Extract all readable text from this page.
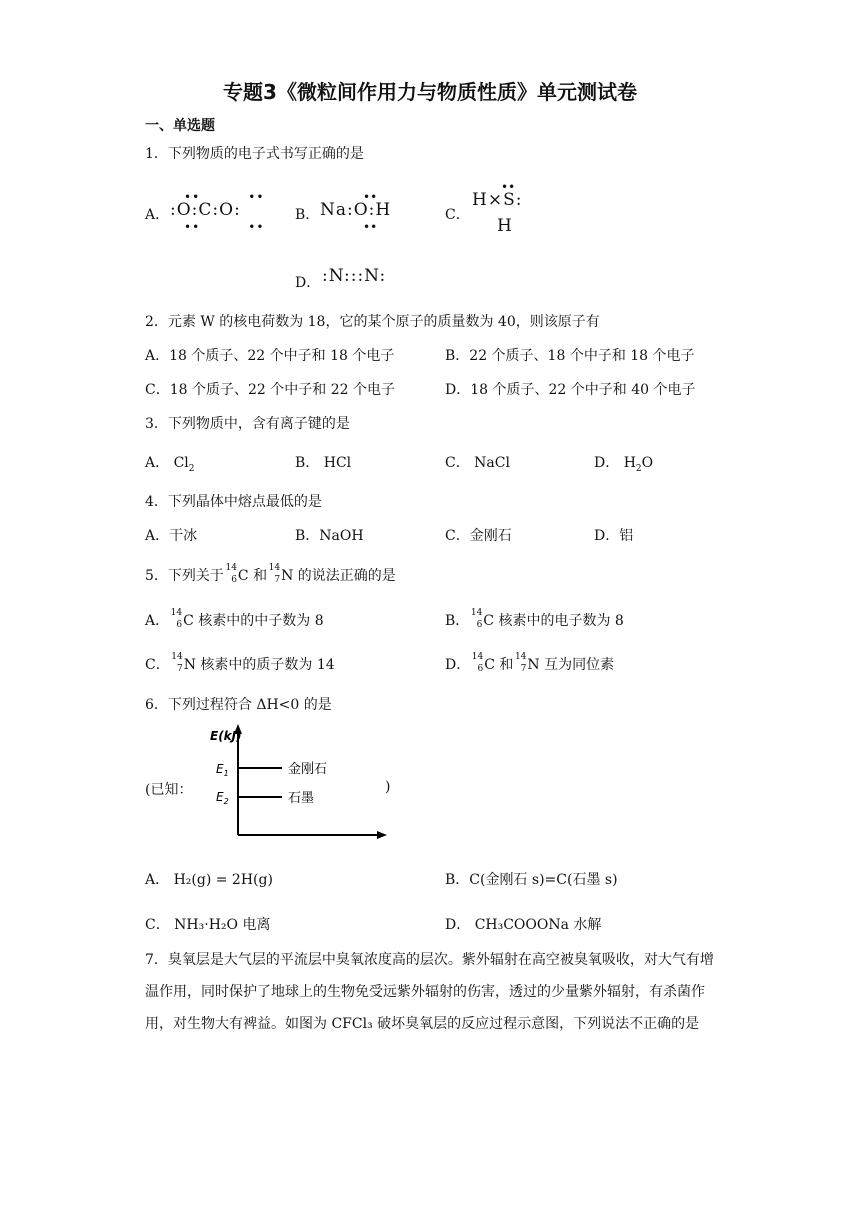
专题3《微粒间作用力与物质性质》单元测试卷
一、单选题
1．下列物质的电子式书写正确的是
A． :O:C:O:
••          ••
••          ••
B． Na:O:H
••
••
C．
H×S:
H
••
D． :N:::N:
2．元素 W 的核电荷数为 18，它的某个原子的质量数为 40，则该原子有
A．18 个质子、22 个中子和 18 个电子	B．22 个质子、18 个中子和 18 个电子
C．18 个质子、22 个中子和 22 个电子	D．18 个质子、22 个中子和 40 个电子
3．下列物质中，含有离子键的是
A． $Cl_2$	B． HCl	C． NaCl	D． $H_2O$
4．下列晶体中熔点最低的是
A．干冰	B．NaOH	C．金刚石	D．铝
5．下列关于 14
6 C 和 14
7 N 的说法正确的是
A． 14
6 C 核素中的中子数为 8	B． 14
6 C 核素中的电子数为 8
C． 14
7 N 核素中的质子数为 14	D． 14
6 C 和 14
7 N 互为同位素
6．下列过程符合 ΔH<0 的是
(已知：	)
E(kJ)
$E_1$
$E_2$
金刚石
石墨
A． H₂(g) = 2H(g)	B．C(金刚石 s)=C(石墨 s)
C． NH₃·H₂O 电离	D． CH₃COOONa 水解
7．臭氧层是大气层的平流层中臭氧浓度高的层次。紫外辐射在高空被臭氧吸收，对大气有增温作用，同时保护了地球上的生物免受远紫外辐射的伤害，透过的少量紫外辐射，有杀菌作用，对生物大有裨益。如图为 CFCl₃ 破坏臭氧层的反应过程示意图，下列说法不正确的是
